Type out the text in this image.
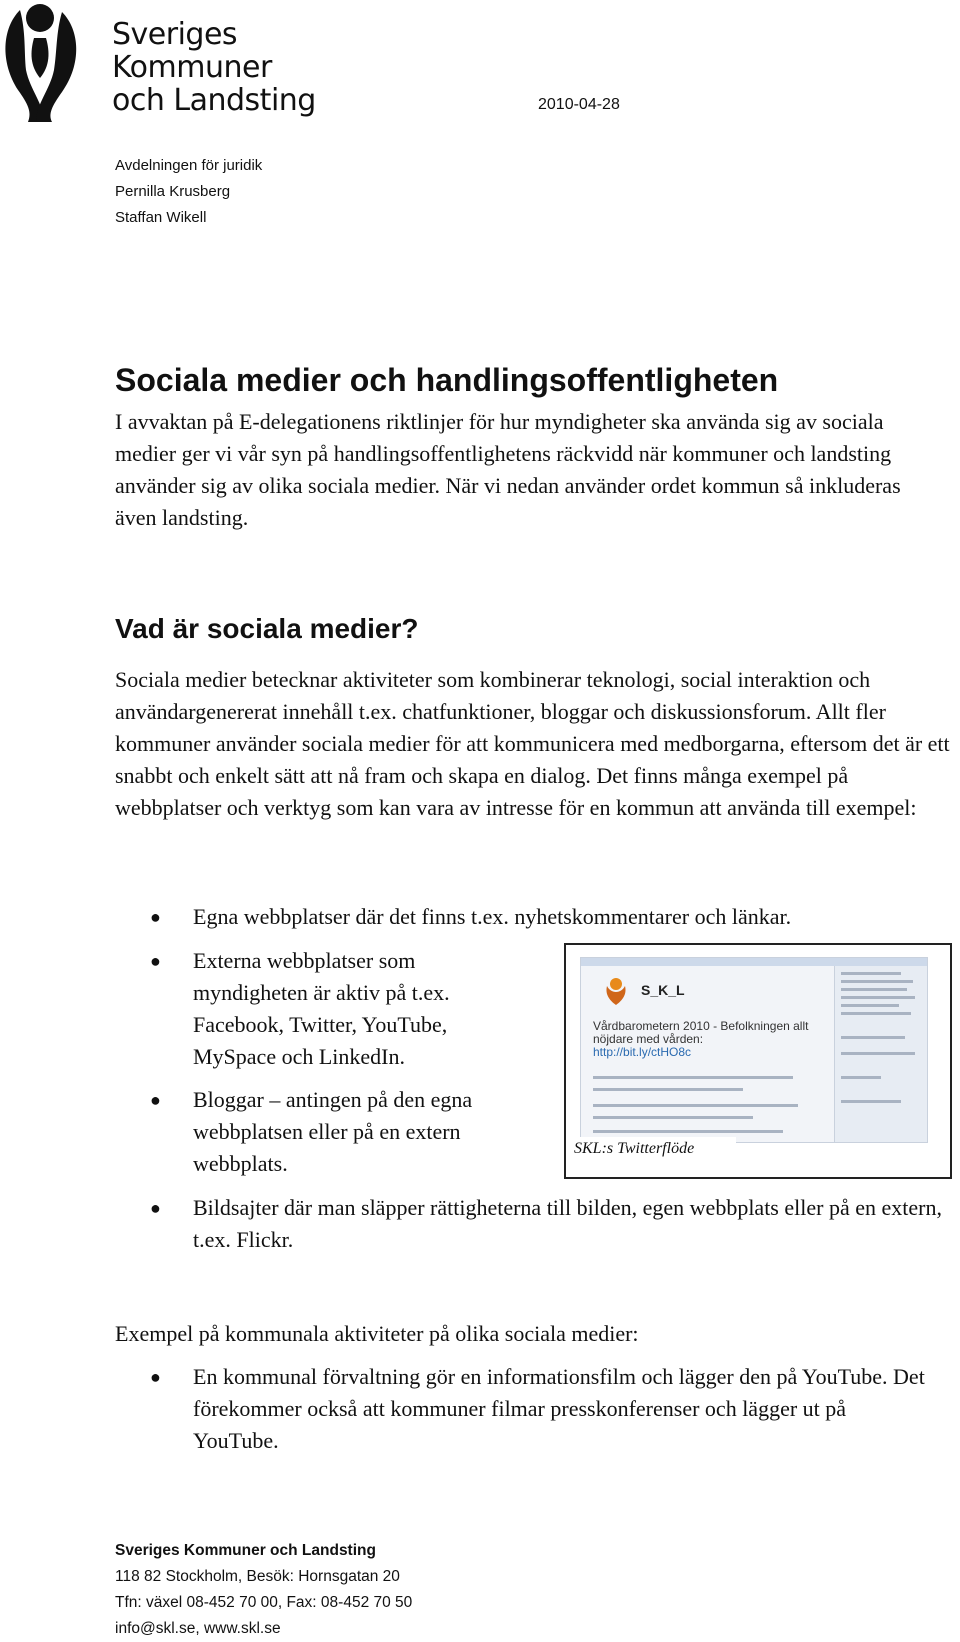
Sveriges
Kommuner
och Landsting	2010-04-28
Avdelningen för juridik
Pernilla Krusberg
Staffan Wikell
Sociala medier och handlingsoffentligheten

I avvaktan på E-delegationens riktlinjer för hur myndigheter ska använda sig av sociala medier ger vi vår syn på handlingsoffentlighetens räckvidd när kommuner och landsting använder sig av olika sociala medier. När vi nedan använder ordet kommun så inkluderas även landsting.

Vad är sociala medier?

Sociala medier betecknar aktiviteter som kombinerar teknologi, social interaktion och användargenererat innehåll t.ex. chatfunktioner, bloggar och diskussionsforum. Allt fler kommuner använder sociala medier för att kommunicera med medborgarna, eftersom det är ett snabbt och enkelt sätt att nå fram och skapa en dialog. Det finns många exempel på webbplatser och verktyg som kan vara av intresse för en kommun att använda till exempel:

● Egna webbplatser där det finns t.ex. nyhetskommentarer och länkar.
● Externa webbplatser som myndigheten är aktiv på t.ex. Facebook, Twitter, YouTube, MySpace och LinkedIn.
● Bloggar – antingen på den egna webbplatsen eller på en extern webbplats.
● Bildsajter där man släpper rättigheterna till bilden, egen webbplats eller på en extern, t.ex. Flickr.
S_K_L
Vårdbarometern 2010 - Befolkningen allt nöjdare med vården:
http://bit.ly/ctHO8c
SKL:s Twitterflöde

Exempel på kommunala aktiviteter på olika sociala medier:

● En kommunal förvaltning gör en informationsfilm och lägger den på YouTube. Det förekommer också att kommuner filmar presskonferenser och lägger ut på YouTube.
Sveriges Kommuner och Landsting
118 82 Stockholm, Besök: Hornsgatan 20
Tfn: växel 08-452 70 00, Fax: 08-452 70 50
info@skl.se, www.skl.se
